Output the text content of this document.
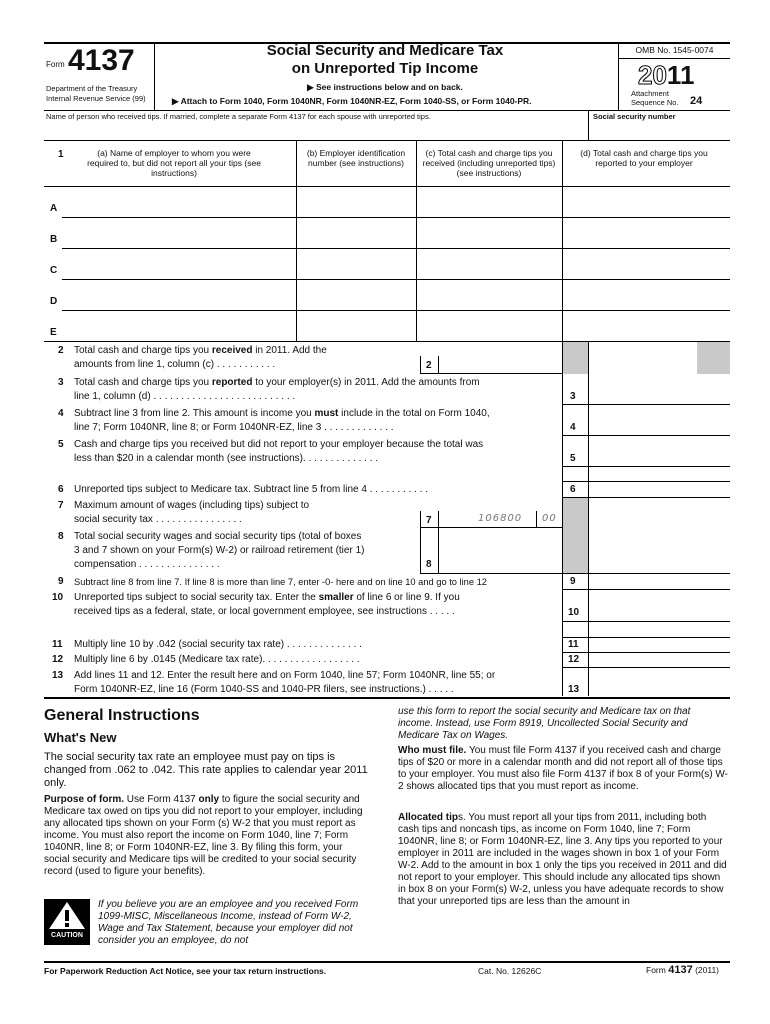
Form 4137
Department of the Treasury
Internal Revenue Service (99)
Social Security and Medicare Tax
on Unreported Tip Income
▶ See instructions below and on back.
▶ Attach to Form 1040, Form 1040NR, Form 1040NR-EZ, Form 1040-SS, or Form 1040-PR.
OMB No. 1545-0074
2011
Attachment
Sequence No. 24
Name of person who received tips. If married, complete a separate Form 4137 for each spouse with unreported tips.	Social security number
1	(a) Name of employer to whom you were required to, but did not report all your tips (see instructions)
(b) Employer identification number (see instructions)
(c) Total cash and charge tips you received (including unreported tips) (see instructions)
(d) Total cash and charge tips you reported to your employer
A
B
C
D
E
2 Total cash and charge tips you received in 2011. Add the
amounts from line 1, column (c) . . . . . . . . . . .	2
3 Total cash and charge tips you reported to your employer(s) in 2011. Add the amounts from
line 1, column (d) . . . . . . . . . . . . . . . . . . . . . . . . . .	3
4 Subtract line 3 from line 2. This amount is income you must include in the total on Form 1040,
line 7; Form 1040NR, line 8; or Form 1040NR-EZ, line 3 . . . . . . . . . . . . .	4
5 Cash and charge tips you received but did not report to your employer because the total was
less than $20 in a calendar month (see instructions). . . . . . . . . . . . . .	5
6 Unreported tips subject to Medicare tax. Subtract line 5 from line 4 . . . . . . . . . . .	6
7 Maximum amount of wages (including tips) subject to
social security tax . . . . . . . . . . . . . . . .	7	106800 00
8 Total social security wages and social security tips (total of boxes
3 and 7 shown on your Form(s) W-2) or railroad retirement (tier 1)
compensation . . . . . . . . . . . . . . .	8
9 Subtract line 8 from line 7. If line 8 is more than line 7, enter -0- here and on line 10 and go to line 12	9
10 Unreported tips subject to social security tax. Enter the smaller of line 6 or line 9. If you
received tips as a federal, state, or local government employee, see instructions . . . . .	10
11 Multiply line 10 by .042 (social security tax rate) . . . . . . . . . . . . . .	11
12 Multiply line 6 by .0145 (Medicare tax rate). . . . . . . . . . . . . . . . . .	12
13 Add lines 11 and 12. Enter the result here and on Form 1040, line 57; Form 1040NR, line 55; or
Form 1040NR-EZ, line 16 (Form 1040-SS and 1040-PR filers, see instructions.) . . . . .	13
General Instructions
What's New
The social security tax rate an employee must pay on tips is changed from .062 to .042. This rate applies to calendar year 2011 only.
Purpose of form. Use Form 4137 only to figure the social security and Medicare tax owed on tips you did not report to your employer, including any allocated tips shown on your Form (s) W-2 that you must report as income. You must also report the income on Form 1040, line 7; Form 1040NR, line 8; or Form 1040NR-EZ, line 3. By filing this form, your social security and Medicare tips will be credited to your social security record (used to figure your benefits).
CAUTION
If you believe you are an employee and you received Form 1099-MISC, Miscellaneous Income, instead of Form W-2, Wage and Tax Statement, because your employer did not consider you an employee, do not
use this form to report the social security and Medicare tax on that income. Instead, use Form 8919, Uncollected Social Security and Medicare Tax on Wages.
Who must file. You must file Form 4137 if you received cash and charge tips of $20 or more in a calendar month and did not report all of those tips to your employer. You must also file Form 4137 if box 8 of your Form(s) W-2 shows allocated tips that you must report as income.
Allocated tips. You must report all your tips from 2011, including both cash tips and noncash tips, as income on Form 1040, line 7; Form 1040NR, line 8; or Form 1040NR-EZ, line 3. Any tips you reported to your employer in 2011 are included in the wages shown in box 1 of your Form W-2. Add to the amount in box 1 only the tips you received in 2011 and did not report to your employer. This should include any allocated tips shown in box 8 on your Form(s) W-2, unless you have adequate records to show that your unreported tips are less than the amount in
For Paperwork Reduction Act Notice, see your tax return instructions.	Cat. No. 12626C	Form 4137 (2011)
